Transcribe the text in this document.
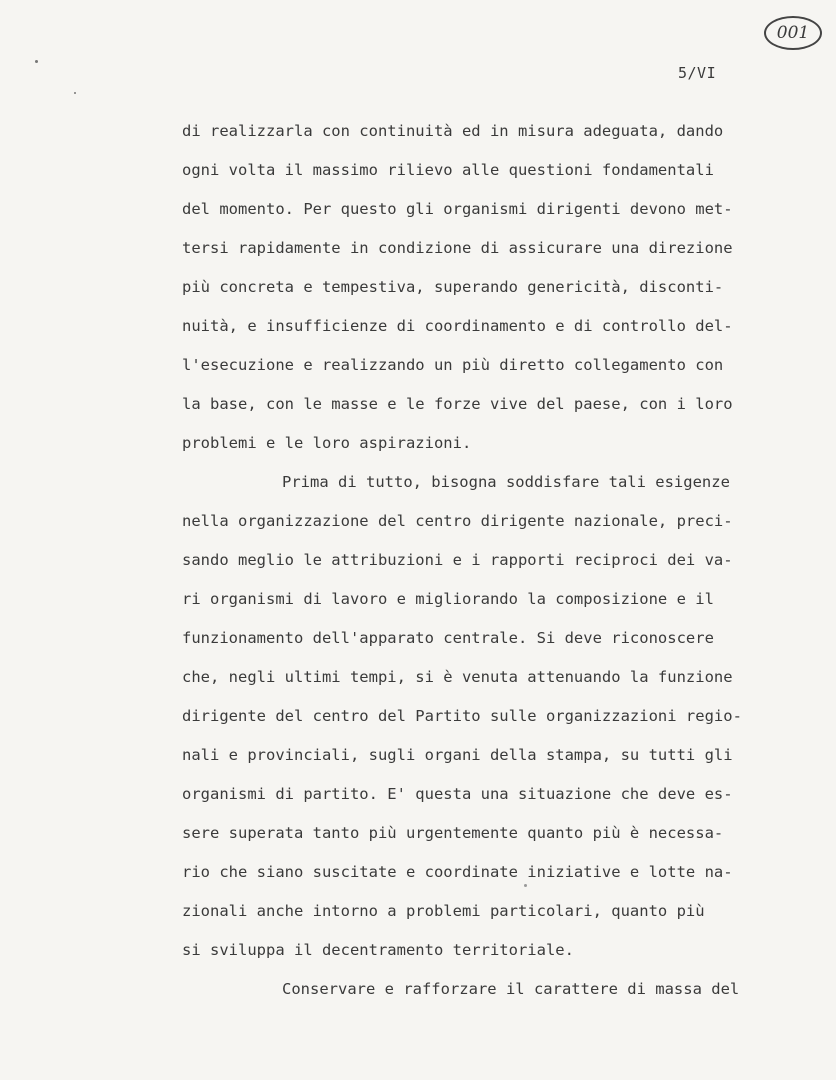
001
5/VI
di realizzarla con continuità ed in misura adeguata, dando
ogni volta il massimo rilievo alle questioni fondamentali
del momento. Per questo gli organismi dirigenti devono met-
tersi rapidamente in condizione di assicurare una direzione
più concreta e tempestiva, superando genericità, disconti-
nuità, e insufficienze di coordinamento e di controllo del-
l'esecuzione e realizzando un più diretto collegamento con
la base, con le masse e le forze vive del paese, con i loro
problemi e le loro aspirazioni.
Prima di tutto, bisogna soddisfare tali esigenze
nella organizzazione del centro dirigente nazionale, preci-
sando meglio le attribuzioni e i rapporti reciproci dei va-
ri organismi di lavoro e migliorando la composizione e il
funzionamento dell'apparato centrale. Si deve riconoscere
che, negli ultimi tempi, si è venuta attenuando la funzione
dirigente del centro del Partito sulle organizzazioni regio-
nali e provinciali, sugli organi della stampa, su tutti gli
organismi di partito. E' questa una situazione che deve es-
sere superata tanto più urgentemente quanto più è necessa-
rio che siano suscitate e coordinate iniziative e lotte na-
zionali anche intorno a problemi particolari, quanto più
si sviluppa il decentramento territoriale.
Conservare e rafforzare il carattere di massa del
